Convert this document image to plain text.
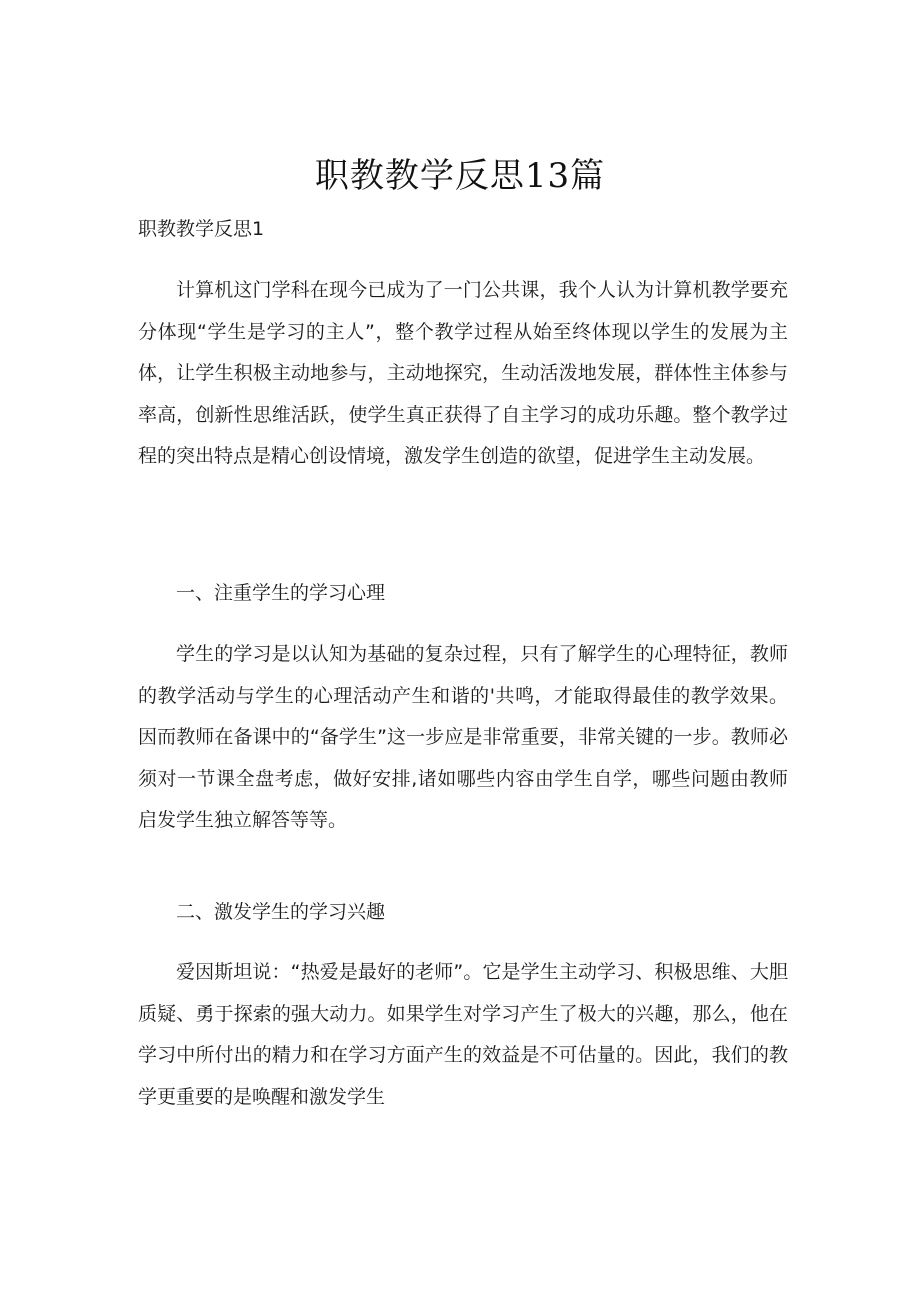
职教教学反思13篇

职教教学反思1

计算机这门学科在现今已成为了一门公共课，我个人认为计算机教学要充分体现“学生是学习的主人”，整个教学过程从始至终体现以学生的发展为主体，让学生积极主动地参与，主动地探究，生动活泼地发展，群体性主体参与率高，创新性思维活跃，使学生真正获得了自主学习的成功乐趣。整个教学过程的突出特点是精心创设情境，激发学生创造的欲望，促进学生主动发展。

一、注重学生的学习心理

学生的学习是以认知为基础的复杂过程，只有了解学生的心理特征，教师的教学活动与学生的心理活动产生和谐的'共鸣，才能取得最佳的教学效果。因而教师在备课中的“备学生”这一步应是非常重要，非常关键的一步。教师必须对一节课全盘考虑，做好安排,诸如哪些内容由学生自学，哪些问题由教师启发学生独立解答等等。

二、激发学生的学习兴趣

爱因斯坦说：“热爱是最好的老师”。它是学生主动学习、积极思维、大胆质疑、勇于探索的强大动力。如果学生对学习产生了极大的兴趣，那么，他在学习中所付出的精力和在学习方面产生的效益是不可估量的。因此，我们的教学更重要的是唤醒和激发学生
